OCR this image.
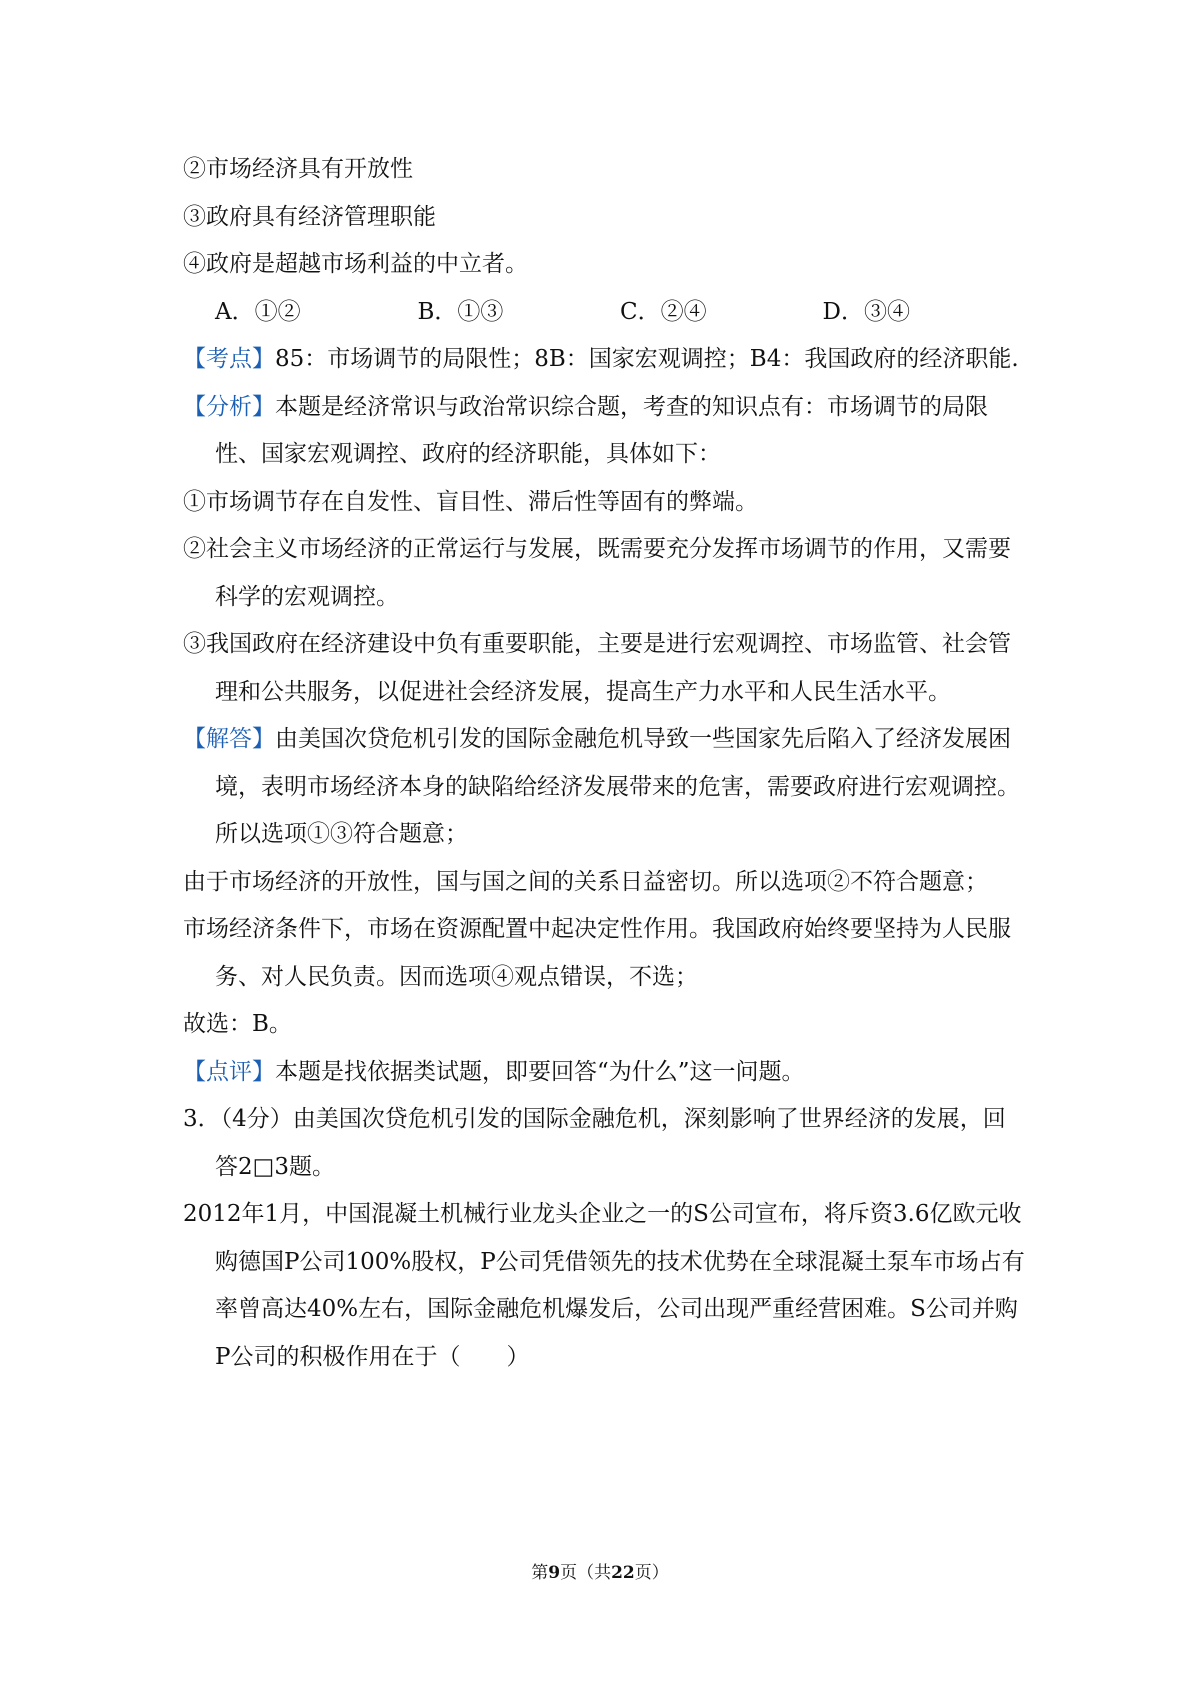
②市场经济具有开放性

③政府具有经济管理职能

④政府是超越市场利益的中立者。

A．①②	B．①③	C．②④	D．③④

【考点】85：市场调节的局限性；8B：国家宏观调控；B4：我国政府的经济职能.

【分析】本题是经济常识与政治常识综合题，考查的知识点有：市场调节的局限性、国家宏观调控、政府的经济职能，具体如下：

①市场调节存在自发性、盲目性、滞后性等固有的弊端。

②社会主义市场经济的正常运行与发展，既需要充分发挥市场调节的作用，又需要科学的宏观调控。

③我国政府在经济建设中负有重要职能，主要是进行宏观调控、市场监管、社会管理和公共服务，以促进社会经济发展，提高生产力水平和人民生活水平。

【解答】由美国次贷危机引发的国际金融危机导致一些国家先后陷入了经济发展困境，表明市场经济本身的缺陷给经济发展带来的危害，需要政府进行宏观调控。所以选项①③符合题意；

由于市场经济的开放性，国与国之间的关系日益密切。所以选项②不符合题意；

市场经济条件下，市场在资源配置中起决定性作用。我国政府始终要坚持为人民服务、对人民负责。因而选项④观点错误，不选；

故选：B。

【点评】本题是找依据类试题，即要回答“为什么”这一问题。

3．（4分）由美国次贷危机引发的国际金融危机，深刻影响了世界经济的发展，回答2□3题。

2012年1月，中国混凝土机械行业龙头企业之一的S公司宣布，将斥资3.6亿欧元收购德国P公司100%股权，P公司凭借领先的技术优势在全球混凝土泵车市场占有率曾高达40%左右，国际金融危机爆发后，公司出现严重经营困难。S公司并购P公司的积极作用在于（　　）

第9页（共22页）
